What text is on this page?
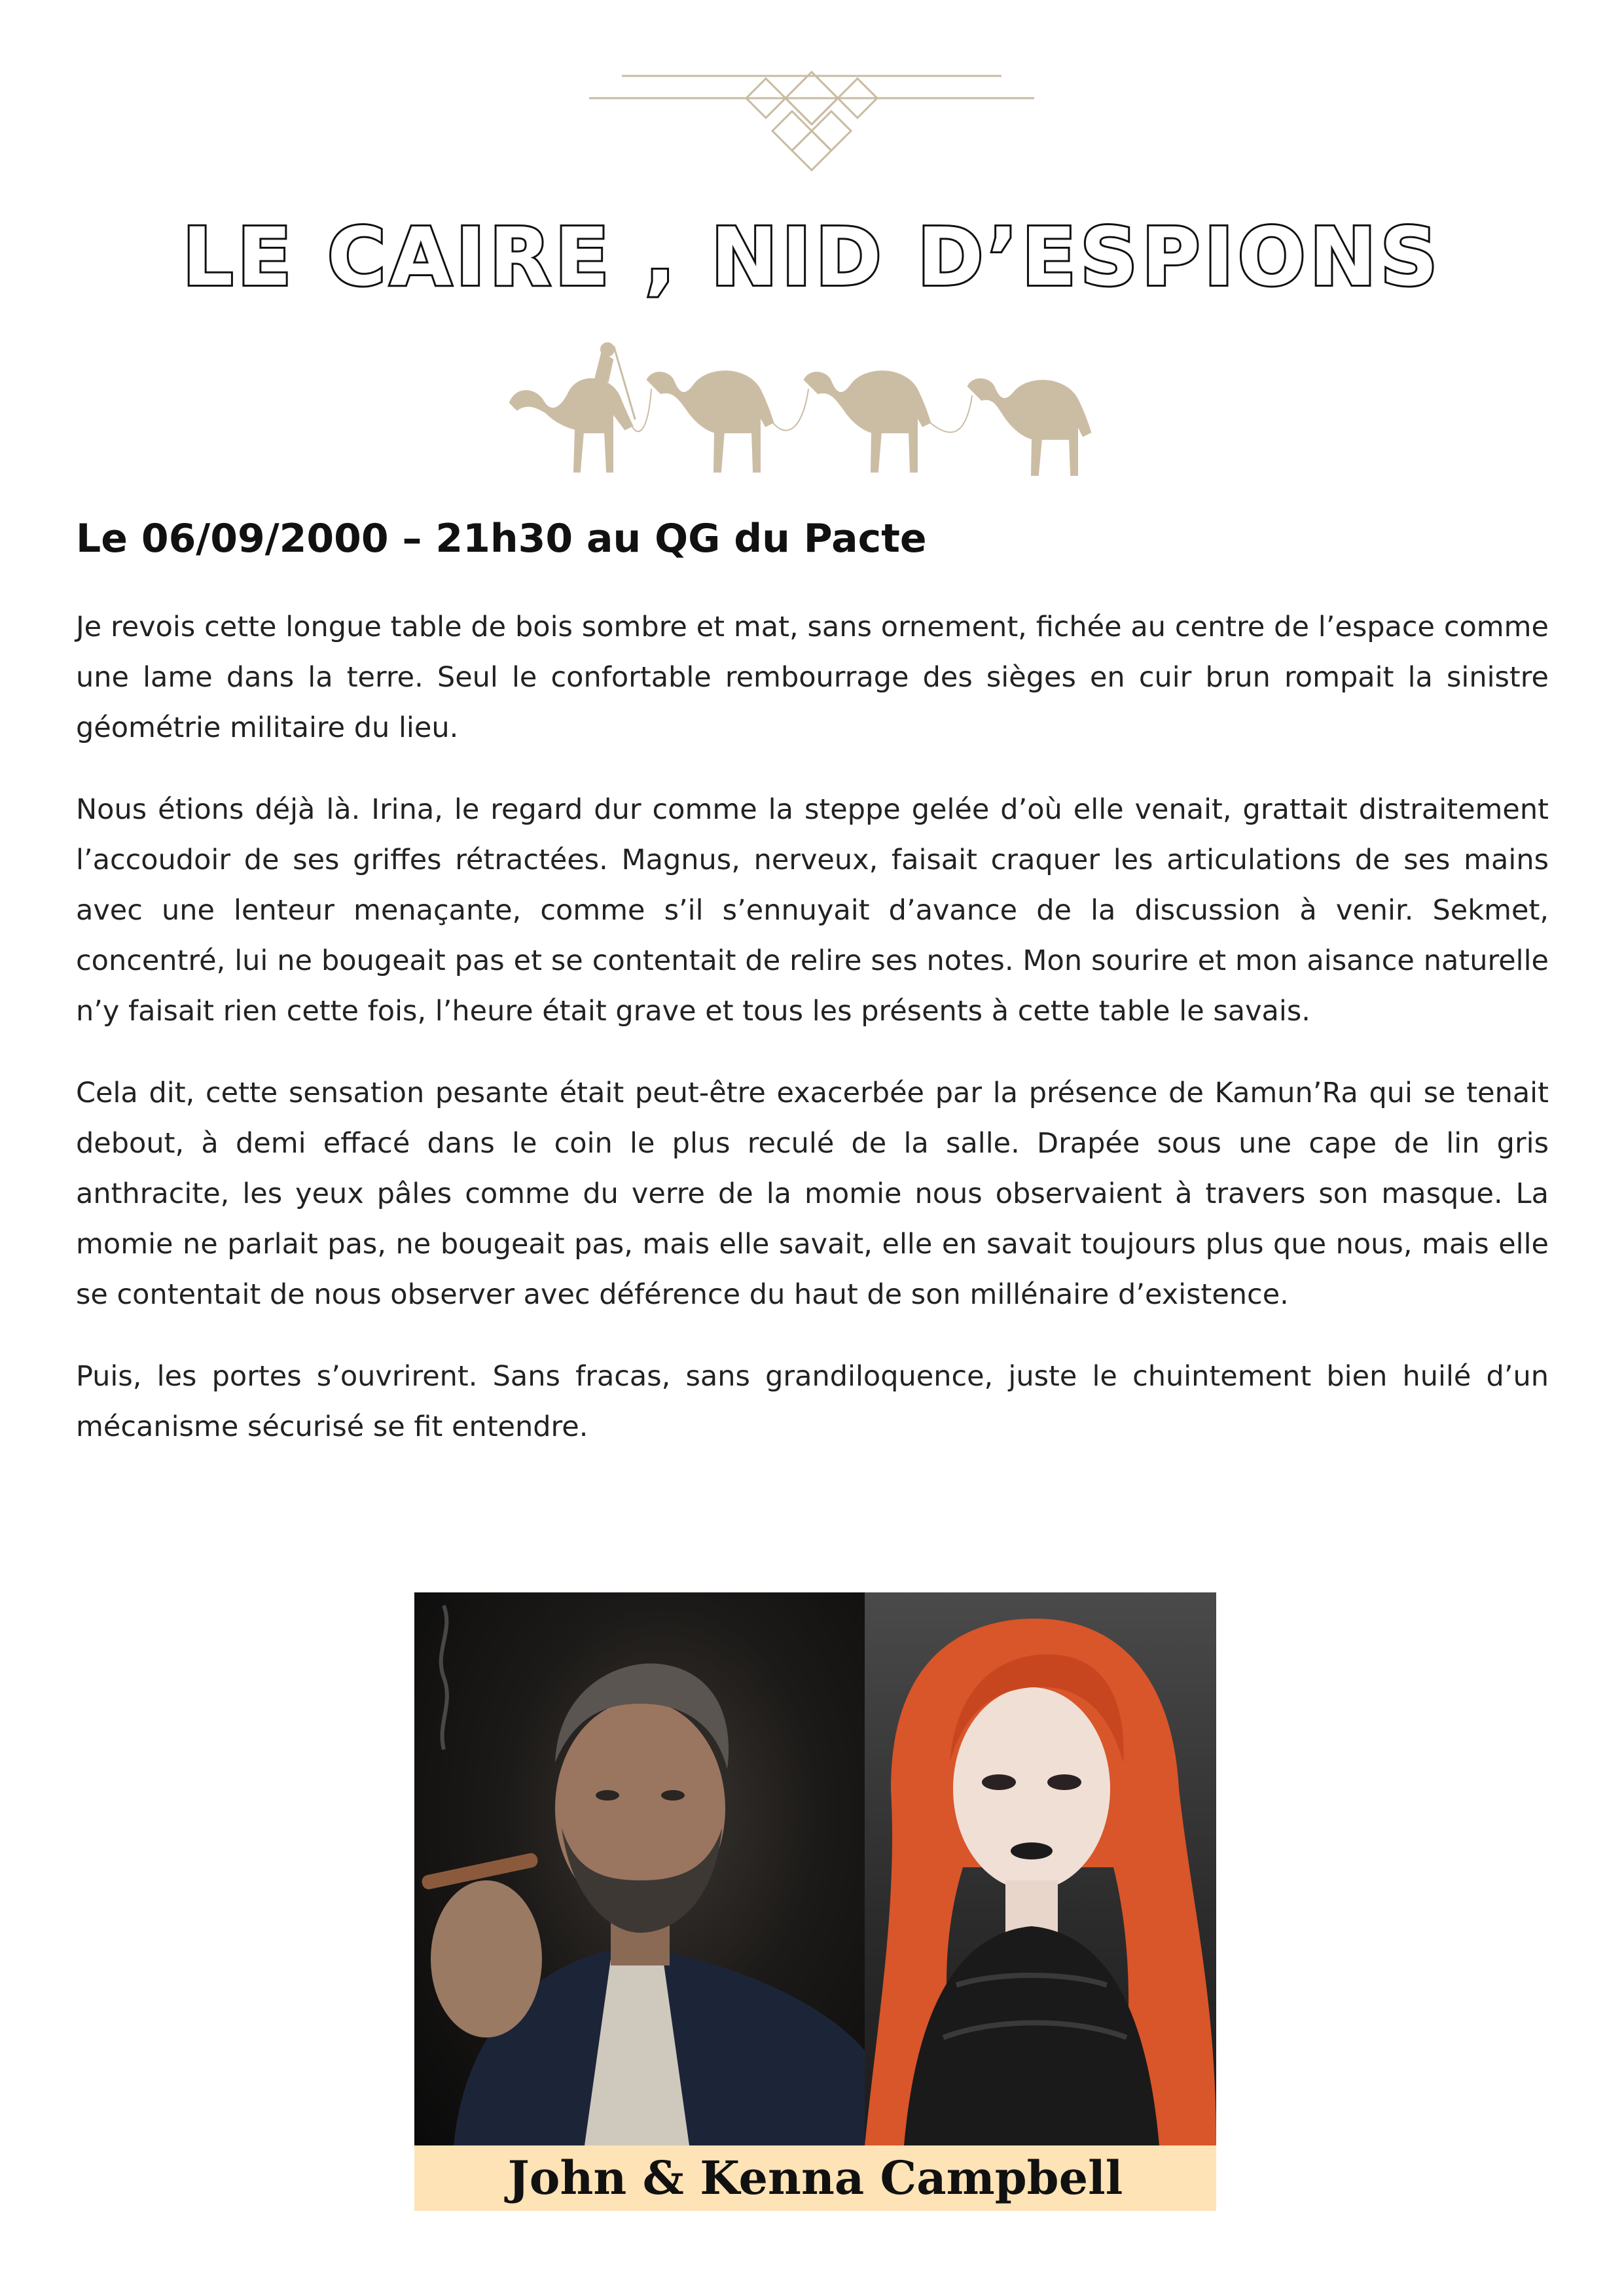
LE CAIRE , NID D’ESPIONS
Le 06/09/2000 – 21h30 au QG du Pacte

Je revois cette longue table de bois sombre et mat, sans ornement, fichée au centre de l’espace comme une lame dans la terre. Seul le confortable rembourrage des sièges en cuir brun rompait la sinistre géométrie militaire du lieu.

Nous étions déjà là. Irina, le regard dur comme la steppe gelée d’où elle venait, grattait distraitement l’accoudoir de ses griffes rétractées. Magnus, nerveux, faisait craquer les articulations de ses mains avec une lenteur menaçante, comme s’il s’ennuyait d’avance de la discussion à venir. Sekmet, concentré, lui ne bougeait pas et se contentait de relire ses notes. Mon sourire et mon aisance naturelle n’y faisait rien cette fois, l’heure était grave et tous les présents à cette table le savais.

Cela dit, cette sensation pesante était peut-être exacerbée par la présence de Kamun’Ra qui se tenait debout, à demi effacé dans le coin le plus reculé de la salle. Drapée sous une cape de lin gris anthracite, les yeux pâles comme du verre de la momie nous observaient à travers son masque. La momie ne parlait pas, ne bougeait pas, mais elle savait, elle en savait toujours plus que nous, mais elle se contentait de nous observer avec déférence du haut de son millénaire d’existence.

Puis, les portes s’ouvrirent. Sans fracas, sans grandiloquence, juste le chuintement bien huilé d’un mécanisme sécurisé se fit entendre.

John & Kenna Campbell
